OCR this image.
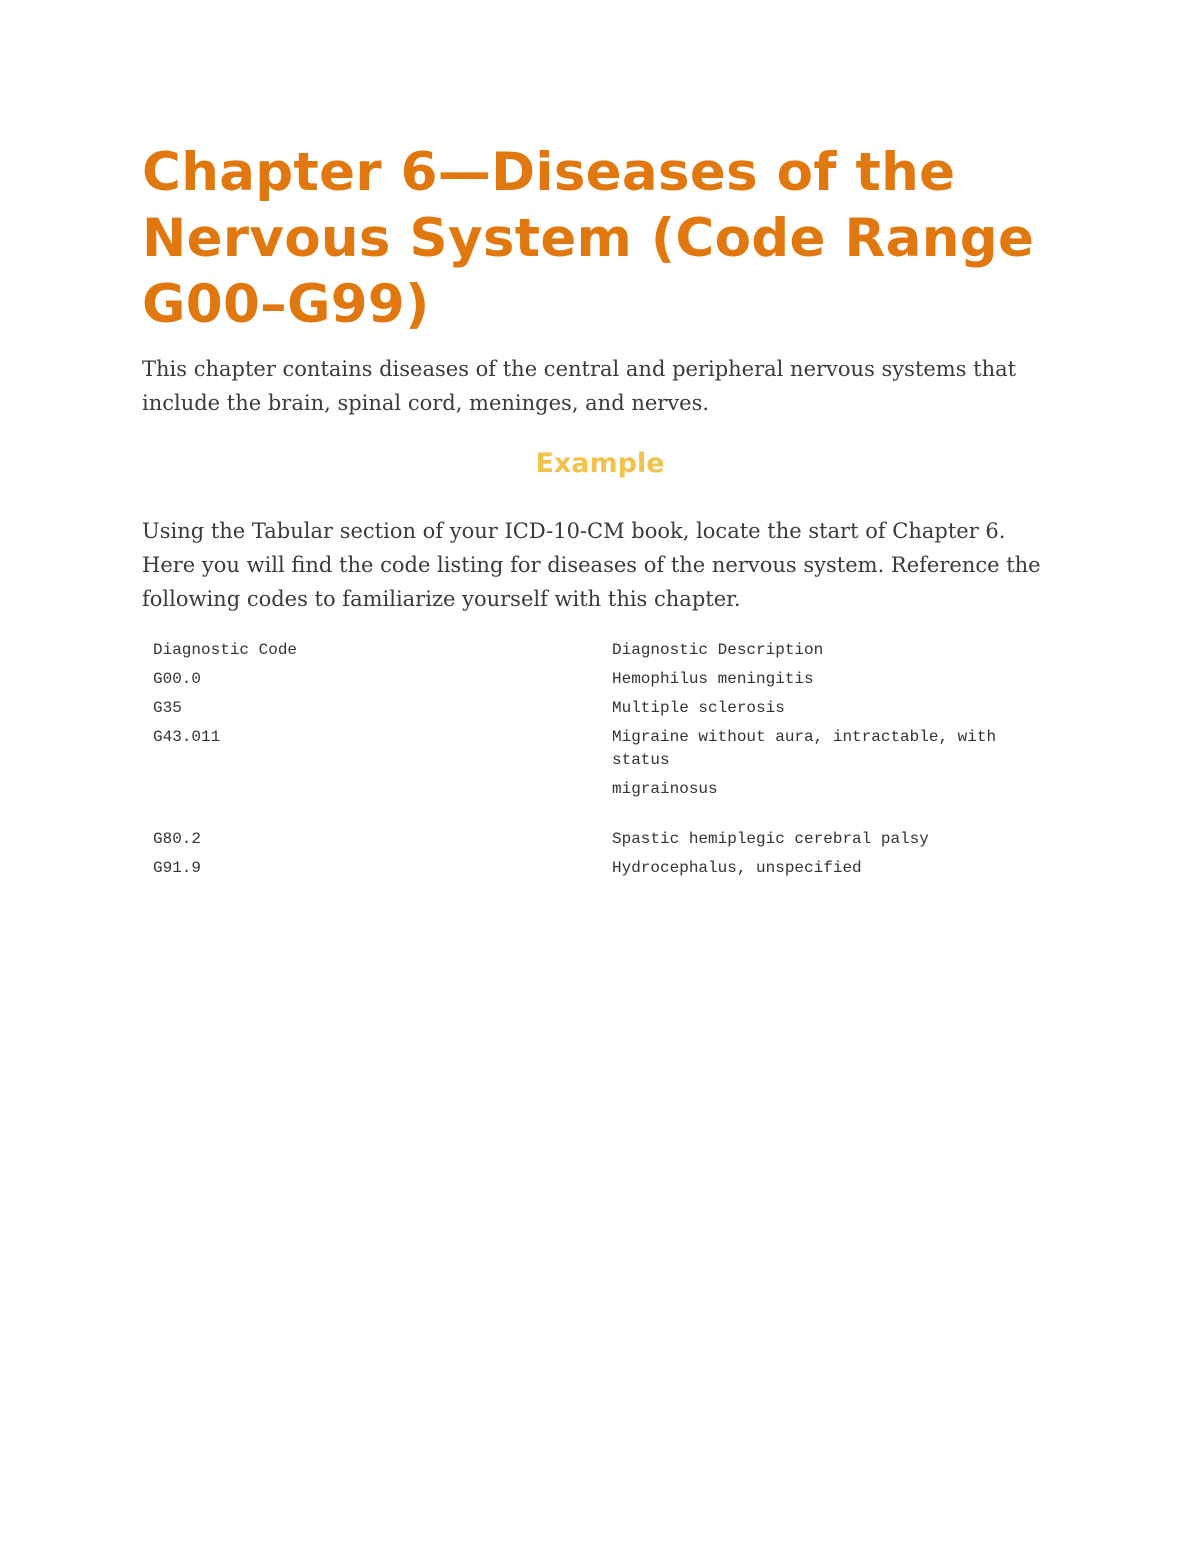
Chapter 6—Diseases of the Nervous System (Code Range G00–G99)

This chapter contains diseases of the central and peripheral nervous systems that include the brain, spinal cord, meninges, and nerves.

Example

Using the Tabular section of your ICD-10-CM book, locate the start of Chapter 6. Here you will find the code listing for diseases of the nervous system. Reference the following codes to familiarize yourself with this chapter.

Diagnostic Code	Diagnostic Description
G00.0	Hemophilus meningitis
G35	Multiple sclerosis
G43.011	Migraine without aura, intractable, with status
migrainosus
G80.2	Spastic hemiplegic cerebral palsy
G91.9	Hydrocephalus, unspecified
